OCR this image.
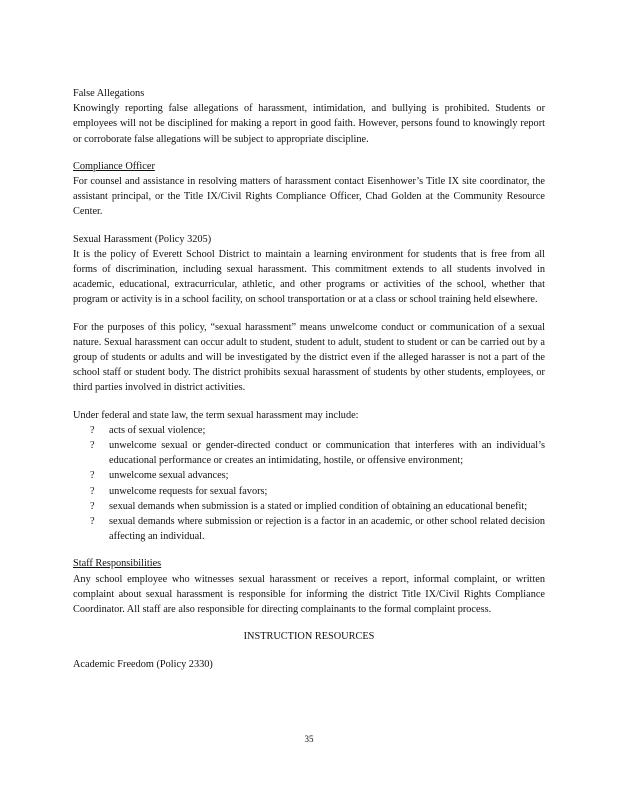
False Allegations

Knowingly reporting false allegations of harassment, intimidation, and bullying is prohibited. Students or employees will not be disciplined for making a report in good faith. However, persons found to knowingly report or corroborate false allegations will be subject to appropriate discipline.

Compliance Officer

For counsel and assistance in resolving matters of harassment contact Eisenhower’s Title IX site coordinator, the assistant principal, or the Title IX/Civil Rights Compliance Officer, Chad Golden at the Community Resource Center.

Sexual Harassment (Policy 3205)

It is the policy of Everett School District to maintain a learning environment for students that is free from all forms of discrimination, including sexual harassment. This commitment extends to all students involved in academic, educational, extracurricular, athletic, and other programs or activities of the school, whether that program or activity is in a school facility, on school transportation or at a class or school training held elsewhere.

For the purposes of this policy, “sexual harassment” means unwelcome conduct or communication of a sexual nature. Sexual harassment can occur adult to student, student to adult, student to student or can be carried out by a group of students or adults and will be investigated by the district even if the alleged harasser is not a part of the school staff or student body. The district prohibits sexual harassment of students by other students, employees, or third parties involved in district activities.

Under federal and state law, the term sexual harassment may include:

? acts of sexual violence;
? unwelcome sexual or gender-directed conduct or communication that interferes with an individual’s educational performance or creates an intimidating, hostile, or offensive environment;
? unwelcome sexual advances;
? unwelcome requests for sexual favors;
? sexual demands when submission is a stated or implied condition of obtaining an educational benefit;
? sexual demands where submission or rejection is a factor in an academic, or other school related decision affecting an individual.

Staff Responsibilities

Any school employee who witnesses sexual harassment or receives a report, informal complaint, or written complaint about sexual harassment is responsible for informing the district Title IX/Civil Rights Compliance Coordinator. All staff are also responsible for directing complainants to the formal complaint process.

INSTRUCTION RESOURCES

Academic Freedom (Policy 2330)

35
